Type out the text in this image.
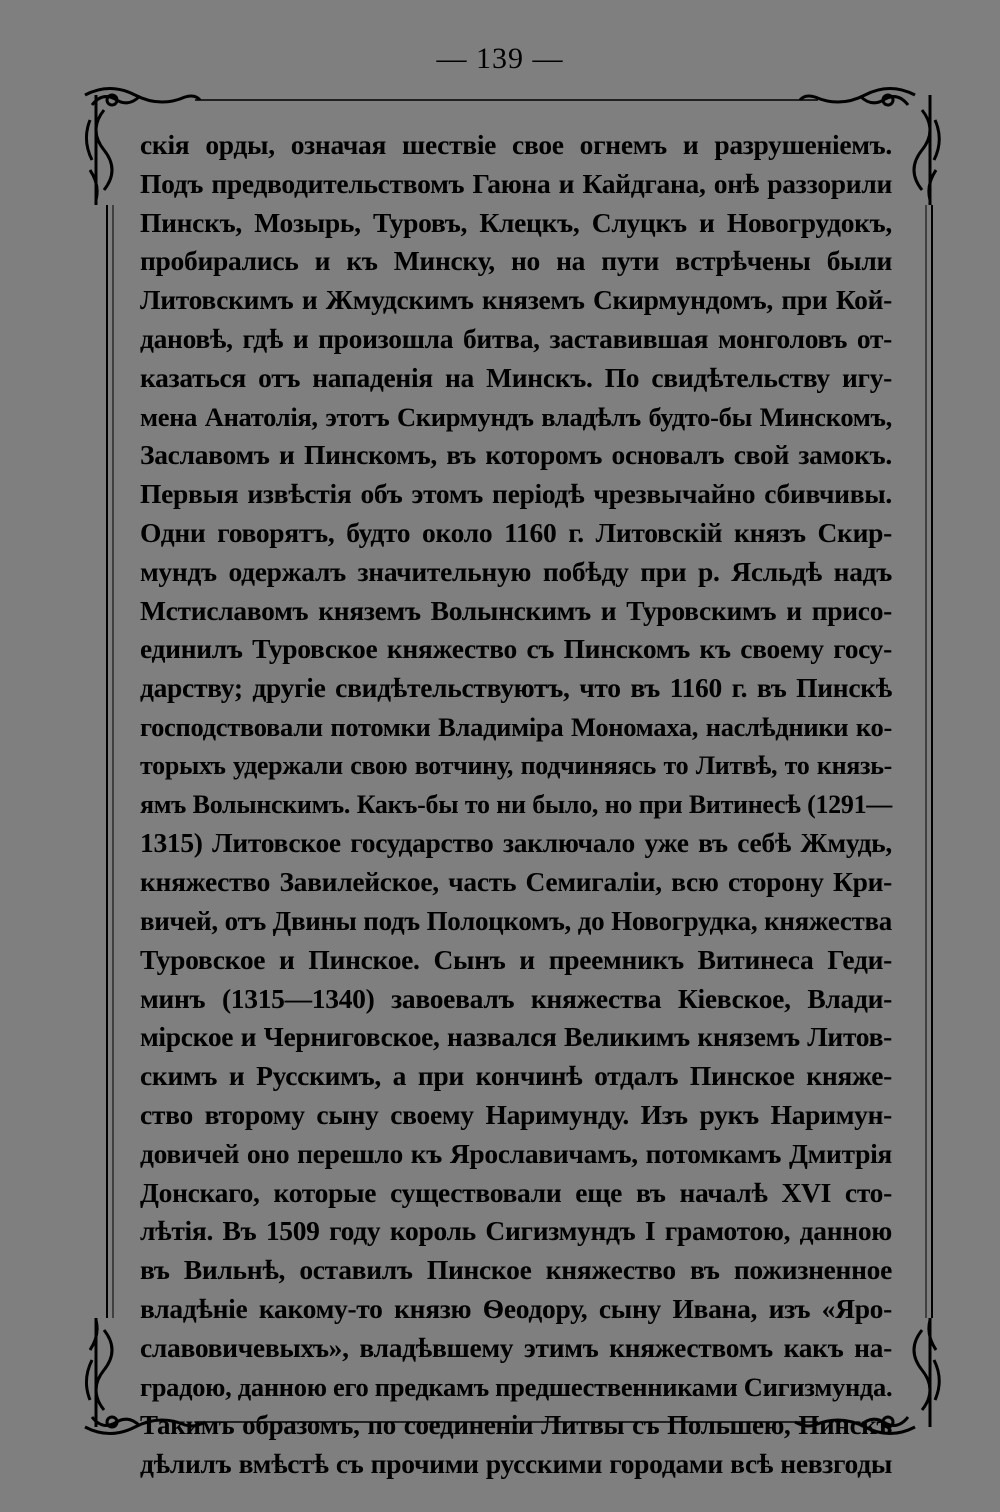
— 139 —
скія орды, означая шествіе свое огнемъ и разрушеніемъ.
Подъ предводительствомъ Гаюна и Кайдгана, онѣ раззорили
Пинскъ, Мозырь, Туровъ, Клецкъ, Слуцкъ и Новогрудокъ,
пробирались и къ Минску, но на пути встрѣчены были
Литовскимъ и Жмудскимъ княземъ Скирмундомъ, при Кой-
дановѣ, гдѣ и произошла битва, заставившая монголовъ от-
казаться отъ нападенія на Минскъ. По свидѣтельству игу-
мена Анатолія, этотъ Скирмундъ владѣлъ будто-бы Минскомъ,
Заславомъ и Пинскомъ, въ которомъ основалъ свой замокъ.
Первыя извѣстія объ этомъ періодѣ чрезвычайно сбивчивы.
Одни говорятъ, будто около 1160 г. Литовскій князъ Скир-
мундъ одержалъ значительную побѣду при р. Ясльдѣ надъ
Мстиславомъ княземъ Волынскимъ и Туровскимъ и присо-
единилъ Туровское княжество съ Пинскомъ къ своему госу-
дарству; другіе свидѣтельствуютъ, что въ 1160 г. въ Пинскѣ
господствовали потомки Владиміра Мономаха, наслѣдники ко-
торыхъ удержали свою вотчину, подчиняясь то Литвѣ, то князь-
ямъ Волынскимъ. Какъ-бы то ни было, но при Витинесѣ (1291—
1315) Литовское государство заключало уже въ себѣ Жмудь,
княжество Завилейское, часть Семигаліи, всю сторону Кри-
вичей, отъ Двины подъ Полоцкомъ, до Новогрудка, княжества
Туровское и Пинское. Сынъ и преемникъ Витинеса Геди-
минъ (1315—1340) завоевалъ княжества Кіевское, Влади-
мірское и Черниговское, назвался Великимъ княземъ Литов-
скимъ и Русскимъ, а при кончинѣ отдалъ Пинское княже-
ство второму сыну своему Наримунду. Изъ рукъ Наримун-
довичей оно перешло къ Ярославичамъ, потомкамъ Дмитрія
Донскаго, которые существовали еще въ началѣ XVI сто-
лѣтія. Въ 1509 году король Сигизмундъ I грамотою, данною
въ Вильнѣ, оставилъ Пинское княжество въ пожизненное
владѣніе какому-то князю Ѳеодору, сыну Ивана, изъ «Яро-
славовичевыхъ», владѣвшему этимъ княжествомъ какъ на-
градою, данною его предкамъ предшественниками Сигизмунда.
Такимъ образомъ, по соединеніи Литвы съ Польшею, Пинскъ
дѣлилъ вмѣстѣ съ прочими русскими городами всѣ невзгоды
